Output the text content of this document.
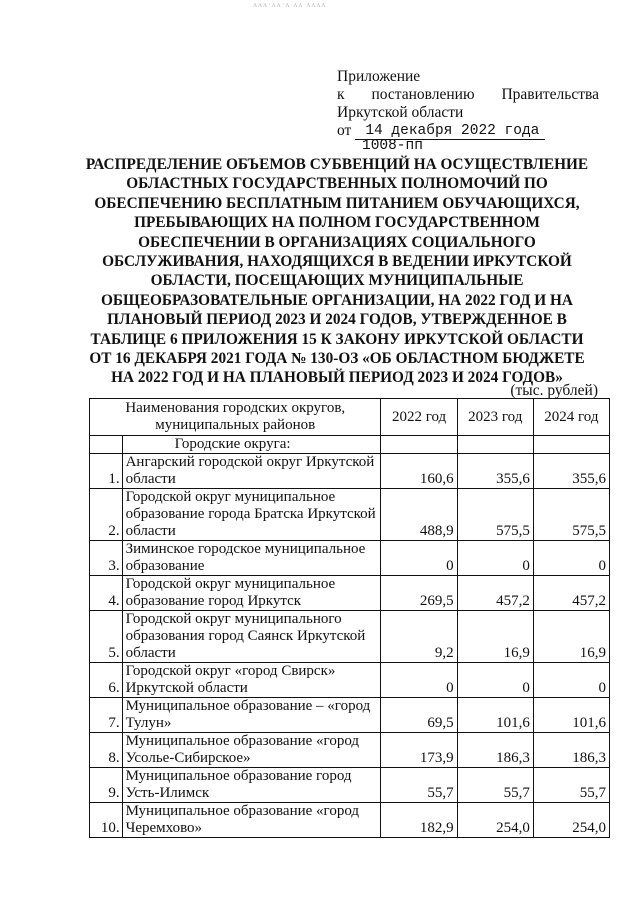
ᴧᴧᴧ·ᴧᴧ·ᴧ ᴧᴧ ᴧᴧᴧᴧ
Приложение
к постановлению Правительства
Иркутской области
от 14 декабря 2022 года
1008-пп
РАСПРЕДЕЛЕНИЕ ОБЪЕМОВ СУБВЕНЦИЙ НА ОСУЩЕСТВЛЕНИЕ ОБЛАСТНЫХ ГОСУДАРСТВЕННЫХ ПОЛНОМОЧИЙ ПО ОБЕСПЕЧЕНИЮ БЕСПЛАТНЫМ ПИТАНИЕМ ОБУЧАЮЩИХСЯ, ПРЕБЫВАЮЩИХ НА ПОЛНОМ ГОСУДАРСТВЕННОМ ОБЕСПЕЧЕНИИ В ОРГАНИЗАЦИЯХ СОЦИАЛЬНОГО ОБСЛУЖИВАНИЯ, НАХОДЯЩИХСЯ В ВЕДЕНИИ ИРКУТСКОЙ ОБЛАСТИ, ПОСЕЩАЮЩИХ МУНИЦИПАЛЬНЫЕ ОБЩЕОБРАЗОВАТЕЛЬНЫЕ ОРГАНИЗАЦИИ, НА 2022 ГОД И НА ПЛАНОВЫЙ ПЕРИОД 2023 И 2024 ГОДОВ, УТВЕРЖДЕННОЕ В ТАБЛИЦЕ 6 ПРИЛОЖЕНИЯ 15 К ЗАКОНУ ИРКУТСКОЙ ОБЛАСТИ ОТ 16 ДЕКАБРЯ 2021 ГОДА № 130-ОЗ «ОБ ОБЛАСТНОМ БЮДЖЕТЕ НА 2022 ГОД И НА ПЛАНОВЫЙ ПЕРИОД 2023 И 2024 ГОДОВ»
(тыс. рублей)
Наименования городских округов, муниципальных районов		2022 год	2023 год	2024 год
	Городские округа:			
1.	Ангарский городской округ Иркутской области	160,6	355,6	355,6
2.	Городской округ муниципальное образование города Братска Иркутской области	488,9	575,5	575,5
3.	Зиминское городское муниципальное образование	0	0	0
4.	Городской округ муниципальное образование город Иркутск	269,5	457,2	457,2
5.	Городской округ муниципального образования город Саянск Иркутской области	9,2	16,9	16,9
6.	Городской округ «город Свирск» Иркутской области	0	0	0
7.	Муниципальное образование – «город Тулун»	69,5	101,6	101,6
8.	Муниципальное образование «город Усолье-Сибирское»	173,9	186,3	186,3
9.	Муниципальное образование город Усть-Илимск	55,7	55,7	55,7
10.	Муниципальное образование «город Черемхово»	182,9	254,0	254,0
